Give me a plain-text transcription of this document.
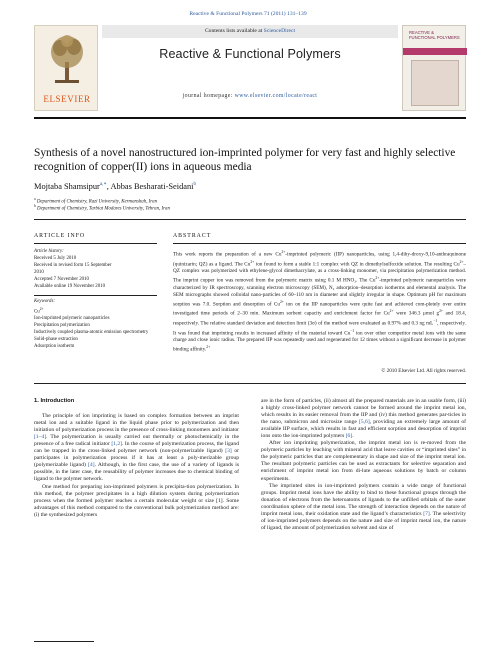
Reactive & Functional Polymers 71 (2011) 131–139
ELSEVIER
Contents lists available at ScienceDirect
Reactive & Functional Polymers
journal homepage: www.elsevier.com/locate/react
REACTIVE & FUNCTIONAL POLYMERS
Synthesis of a novel nanostructured ion-imprinted polymer for very fast and highly selective recognition of copper(II) ions in aqueous media
Mojtaba Shamsipur$^{a,∗}$, Abbas Besharati-Seidani$^b$
$^a$ Department of Chemistry, Razi University, Kermanshah, Iran
$^b$ Department of Chemistry, Tarbiat Modares University, Tehran, Iran
ARTICLE INFO	ABSTRACT
Article history:
Received 5 July 2010
Received in revised form 15 September
2010
Accepted 7 November 2010
Available online 19 November 2010
Keywords:
$Cu^{2+}$
Ion-imprinted polymeric nanoparticles
Precipitation polymerization
Inductively coupled plasma-atomic emission spectrometry
Solid-phase extraction
Adsorption isotherm
This work reports the preparation of a new $Cu^{2+}$-imprinted polymeric (IIP) nanoparticles, using 1,4-dihy-droxy-9,10-anthraquinone (quinizarin; QZ) as a ligand. The $Cu^{2+}$ ion found to form a stable 1:1 complex with QZ in dimethylsulfoxide solution. The resulting $Cu^{2+}-QZ$ complex was polymerized with ethylene-glycol dimethacrylate, as a cross-linking monomer, via precipitation polymerization method. The imprint copper ion was removed from the polymeric matrix using 0.1 M HNO₃. The $Cu^{2+}$-imprinted polymeric nanoparticles were characterized by IR spectroscopy, scanning electron microscopy (SEM), N₂ adsorption–desorption isotherms and elemental analysis. The SEM micrographs showed colloidal nano-particles of 60–110 nm in diameter and slightly irregular in shape. Optimum pH for maximum sorption was 7.0. Sorption and desorption of $Cu^{2+}$ ion on the IIP nanoparticles were quite fast and achieved com-pletely over entire investigated time periods of 2–30 min. Maximum sorbent capacity and enrichment factor for $Cu^{2+}$ were 346.3 μmol $g^{2+}$ and 18.4, respectively. The relative standard deviation and detection limit (3σ) of the method were evaluated as 0.97% and 0.3 ng $mL^{-1}$, respectively. It was found that imprinting results in increased affinity of the material toward $Cu^{-1}$ ion over other competitor metal ions with the same charge and close ionic radius. The prepared IIP was repeatedly used and regenerated for 12 times without a significant decrease in polymer binding affinity.$^{2+}$
© 2010 Elsevier Ltd. All rights reserved.
1. Introduction

The principle of ion imprinting is based on complex formation between an imprint metal ion and a suitable ligand in the liquid phase prior to polymerization and then initiation of polymerization process in the presence of cross-linking monomers and initiator [1–4]. The polymerization is usually carried out thermally or photochemically in the presence of a free radical initiator [1,2]. In the course of polymerization process, the ligand can be trapped in the cross-linked polymer network (non-polymerizable ligand) [3] or participates in polymerization process if it has at least a poly-merizable group (polymerizable ligand) [4]. Although, in the first case, the use of a variety of ligands is possible, in the later case, the reusability of polymer increases due to chemical binding of ligand to the polymer network.

One method for preparing ion-imprinted polymers is precipita-tion polymerization. In this method, the polymer precipitates in a high dilution system during polymerization process when the formed polymer reaches a certain molecular weight or size [1]. Some advantages of this method compared to the conventional bulk polymerization method are: (i) the synthesized polymers

are in the form of particles, (ii) almost all the prepared materials are in an usable form, (iii) a highly cross-linked polymer network cannot be formed around the imprint metal ion, which results in its easier removal from the IIP and (iv) this method generates par-ticles in the nano, submicron and microsize range [5,6], providing an extremely large amount of available IIP surface, which results in fast and efficient sorption and desorption of imprint ions onto the ion-imprinted polymers [6].

After ion imprinting polymerization, the imprint metal ion is re-moved from the polymeric particles by leaching with mineral acid that leave cavities or “imprinted sites” in the polymeric particles that are complementary in shape and size of the imprint metal ion. The resultant polymeric particles can be used as extractants for selective separation and enrichment of imprint metal ion from di-lute aqueous solutions by batch or column experiments.

The imprinted sites in ion-imprinted polymers contain a wide range of functional groups. Imprint metal ions have the ability to bind to these functional groups through the donation of electrons from the heteroatoms of ligands to the unfilled orbitals of the outer coordination sphere of the metal ions. The strength of interaction depends on the nature of imprint metal ions, their oxidation state and the ligand’s characteristics [7]. The selectivity of ion-imprinted polymers depends on the nature and size of imprint metal ion, the nature of ligand, the amount of polymerization solvent and size of
